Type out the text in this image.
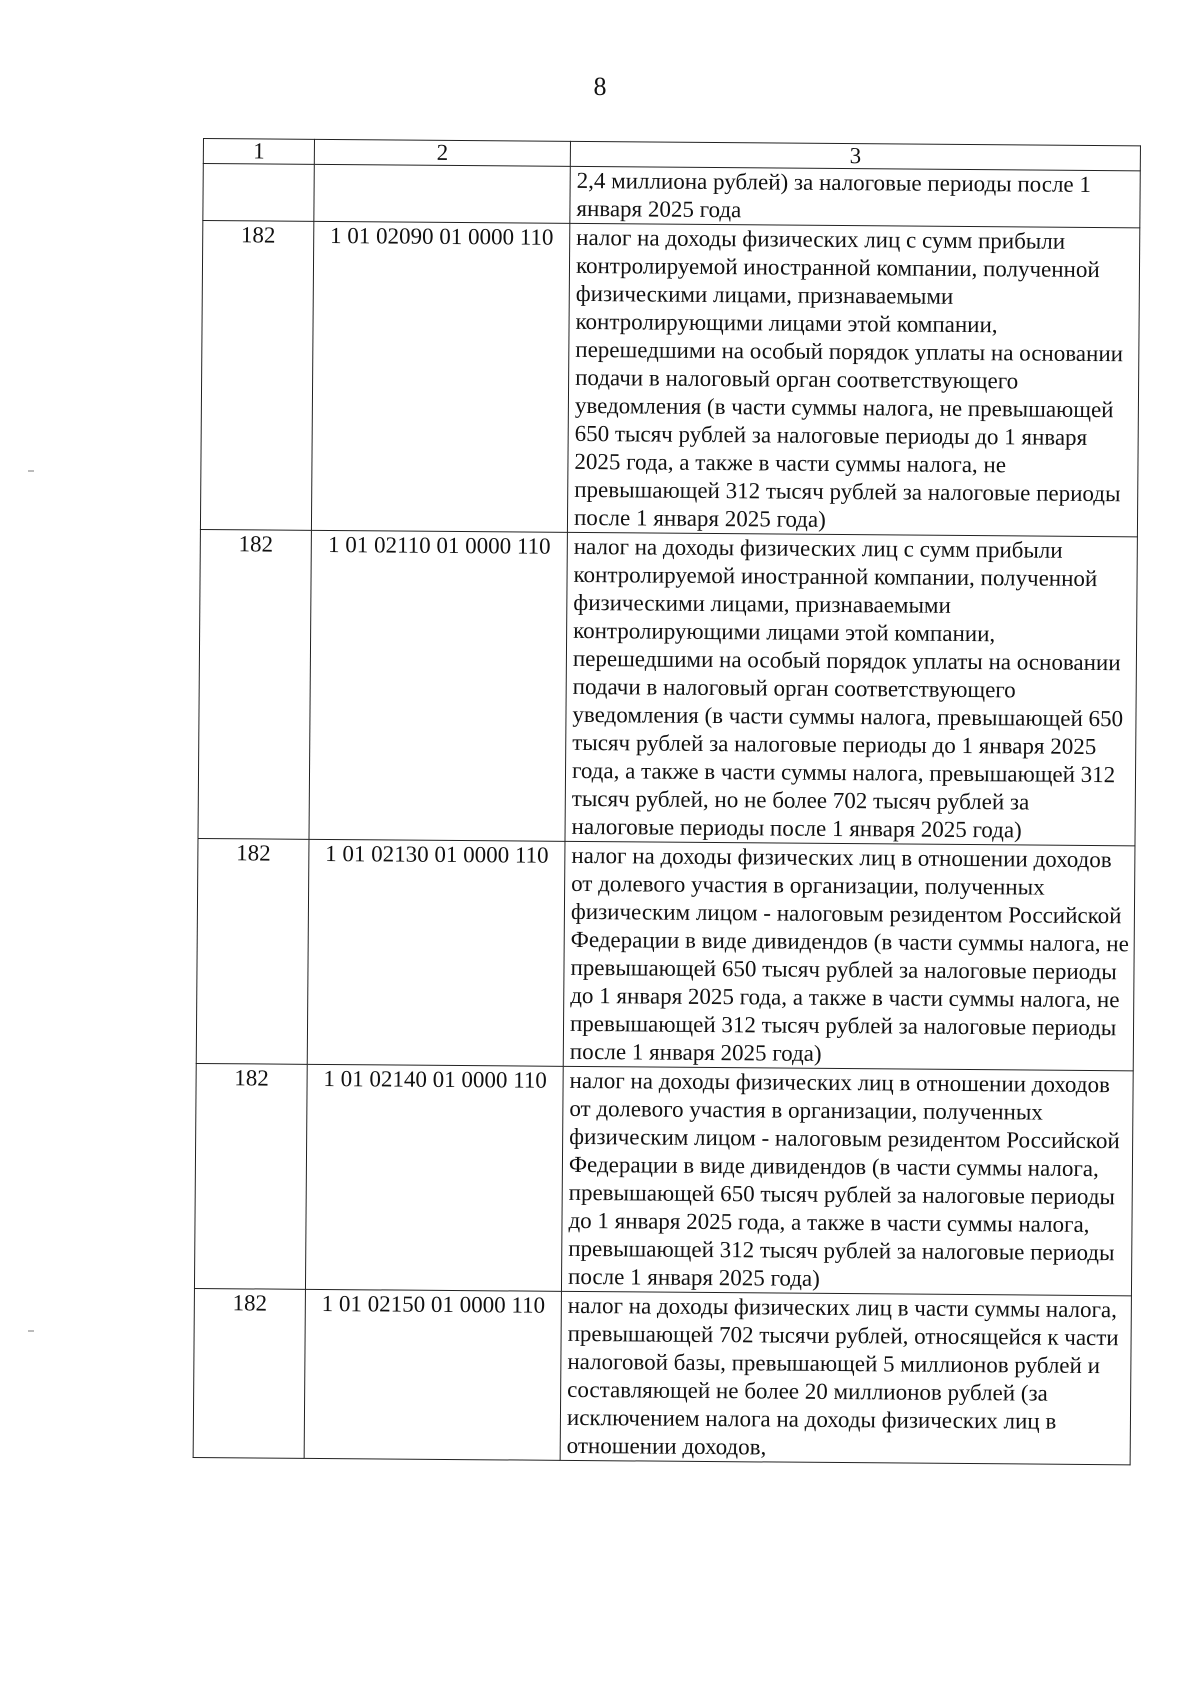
8
1	2	3
		2,4 миллиона рублей) за налоговые периоды после 1 января 2025 года
182	1 01 02090 01 0000 110	налог на доходы физических лиц с сумм прибыли контролируемой иностранной компании, полученной физическими лицами, признаваемыми контролирующими лицами этой компании, перешедшими на особый порядок уплаты на основании подачи в налоговый орган соответствующего уведомления (в части суммы налога, не превышающей 650 тысяч рублей за налоговые периоды до 1 января 2025 года, а также в части суммы налога, не превышающей 312 тысяч рублей за налоговые периоды после 1 января 2025 года)
182	1 01 02110 01 0000 110	налог на доходы физических лиц с сумм прибыли контролируемой иностранной компании, полученной физическими лицами, признаваемыми контролирующими лицами этой компании, перешедшими на особый порядок уплаты на основании подачи в налоговый орган соответствующего уведомления (в части суммы налога, превышающей 650 тысяч рублей за налоговые периоды до 1 января 2025 года, а также в части суммы налога, превышающей 312 тысяч рублей, но не более 702 тысяч рублей за налоговые периоды после 1 января 2025 года)
182	1 01 02130 01 0000 110	налог на доходы физических лиц в отношении доходов от долевого участия в организации, полученных физическим лицом - налоговым резидентом Российской Федерации в виде дивидендов (в части суммы налога, не превышающей 650 тысяч рублей за налоговые периоды до 1 января 2025 года, а также в части суммы налога, не превышающей 312 тысяч рублей за налоговые периоды после 1 января 2025 года)
182	1 01 02140 01 0000 110	налог на доходы физических лиц в отношении доходов от долевого участия в организации, полученных физическим лицом - налоговым резидентом Российской Федерации в виде дивидендов (в части суммы налога, превышающей 650 тысяч рублей за налоговые периоды до 1 января 2025 года, а также в части суммы налога, превышающей 312 тысяч рублей за налоговые периоды после 1 января 2025 года)
182	1 01 02150 01 0000 110	налог на доходы физических лиц в части суммы налога, превышающей 702 тысячи рублей, относящейся к части налоговой базы, превышающей 5 миллионов рублей и составляющей не более 20 миллионов рублей (за исключением налога на доходы физических лиц в отношении доходов,
